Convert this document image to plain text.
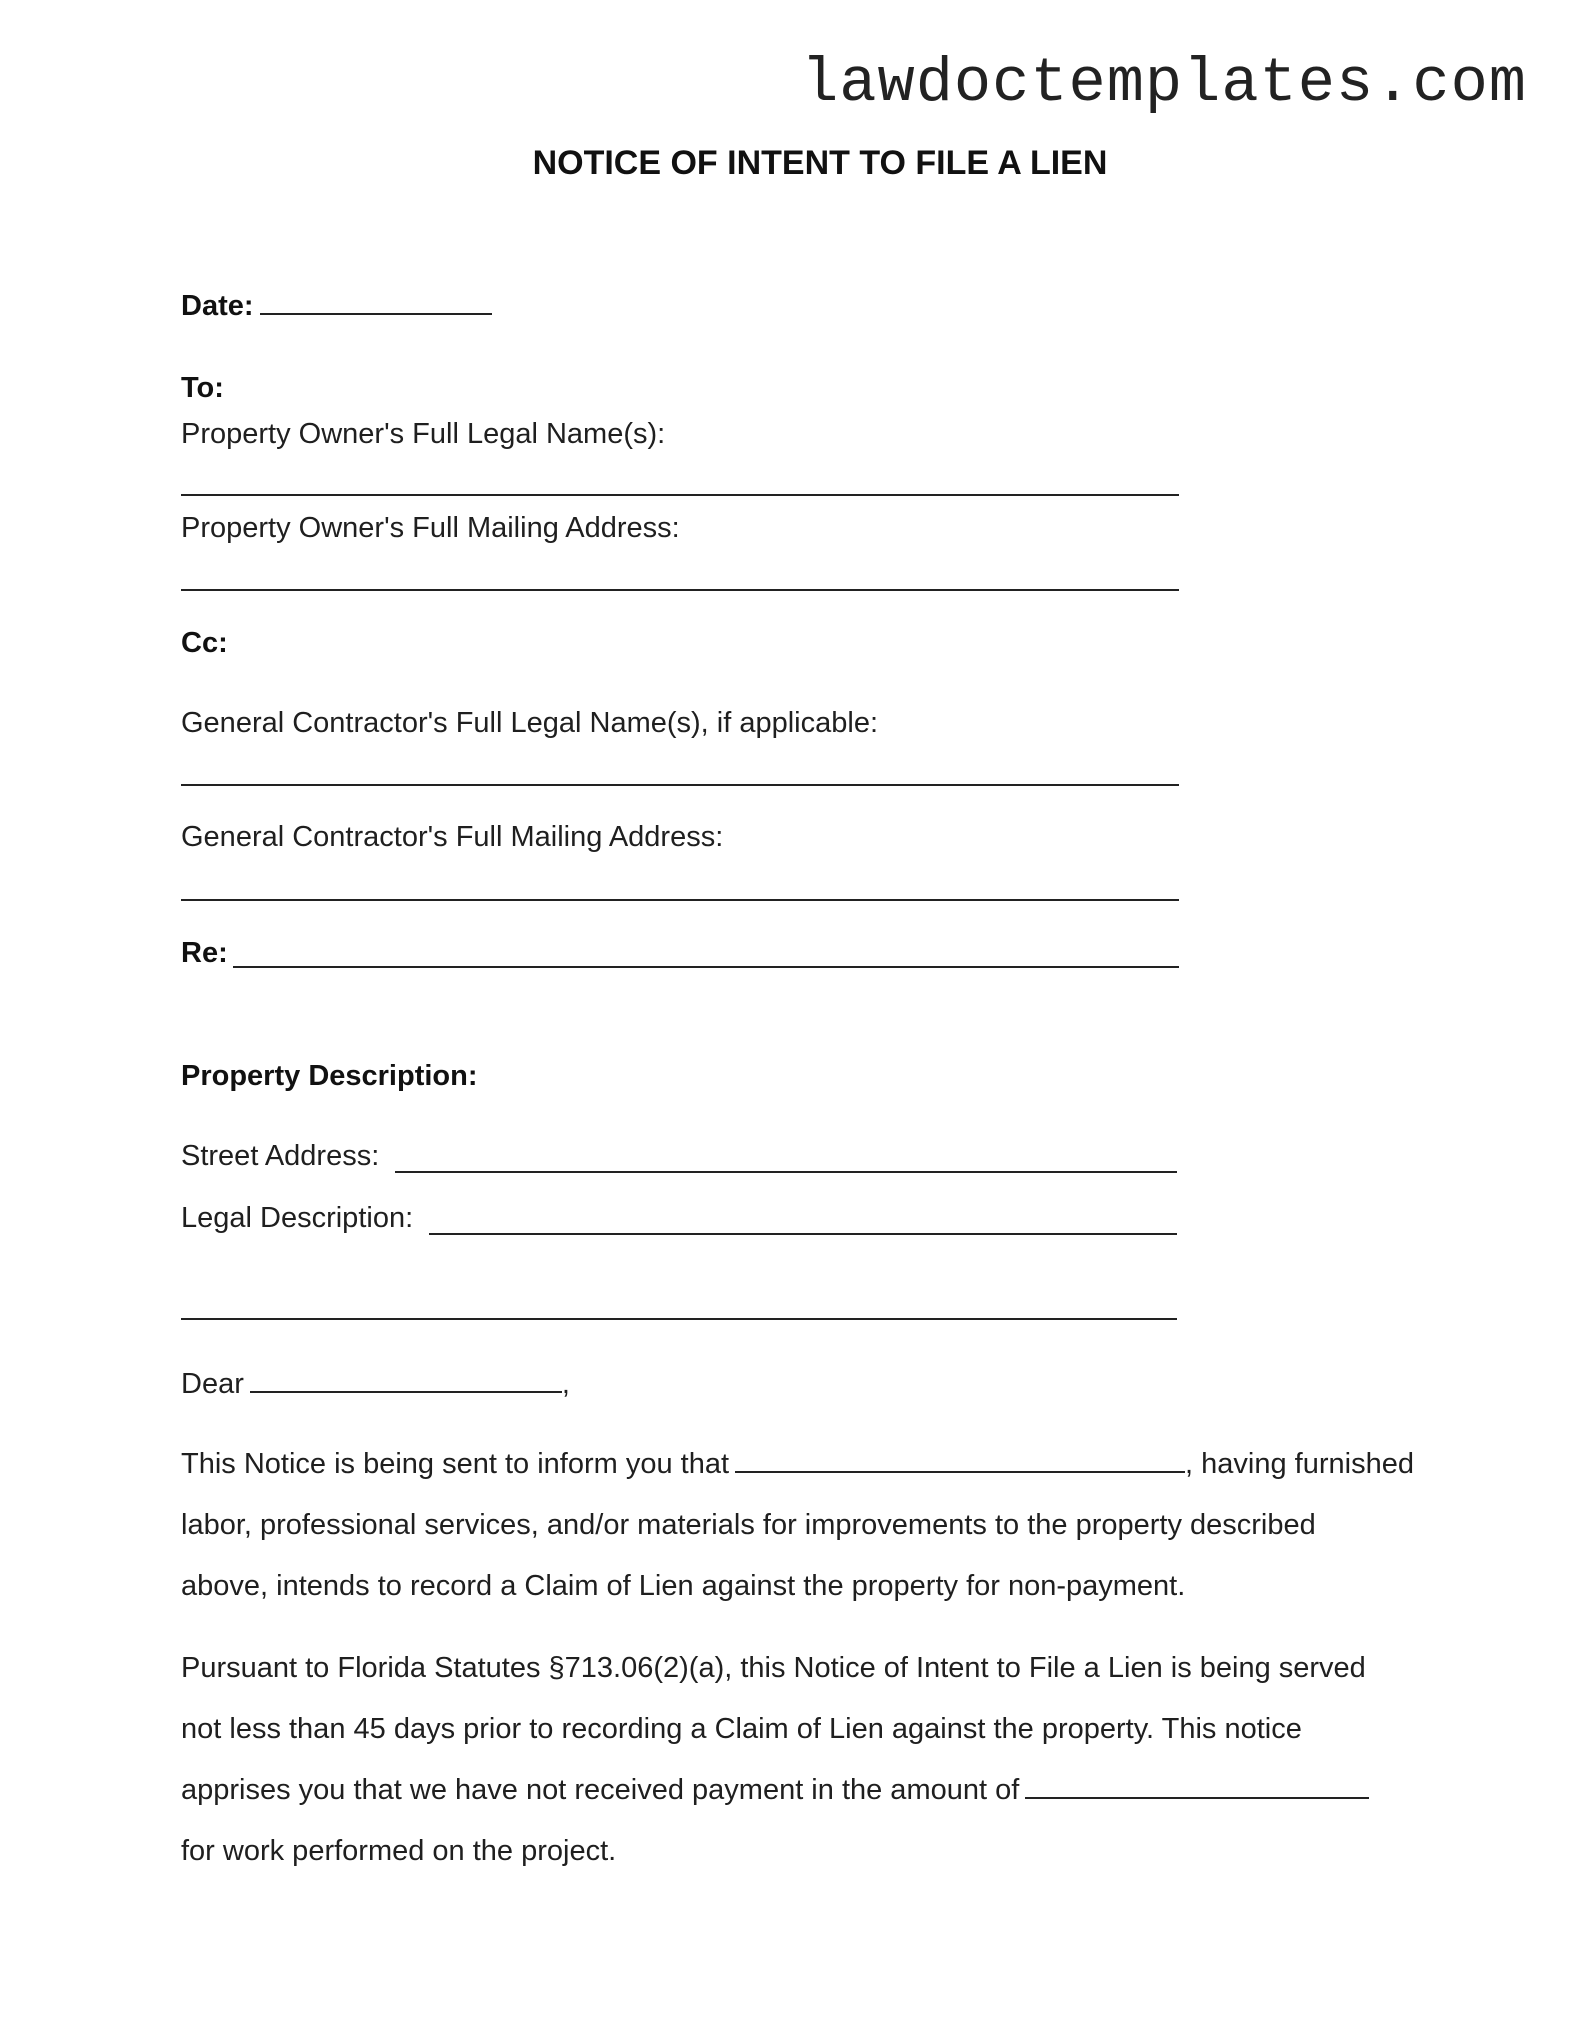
lawdoctemplates.com
NOTICE OF INTENT TO FILE A LIEN
Date:
To:
Property Owner's Full Legal Name(s):
Property Owner's Full Mailing Address:
Cc:
General Contractor's Full Legal Name(s), if applicable:
General Contractor's Full Mailing Address:
Re:
Property Description:
Street Address:
Legal Description:
Dear	,
This Notice is being sent to inform you that	, having furnished
labor, professional services, and/or materials for improvements to the property described
above, intends to record a Claim of Lien against the property for non-payment.
Pursuant to Florida Statutes §713.06(2)(a), this Notice of Intent to File a Lien is being served
not less than 45 days prior to recording a Claim of Lien against the property. This notice
apprises you that we have not received payment in the amount of
for work performed on the project.
